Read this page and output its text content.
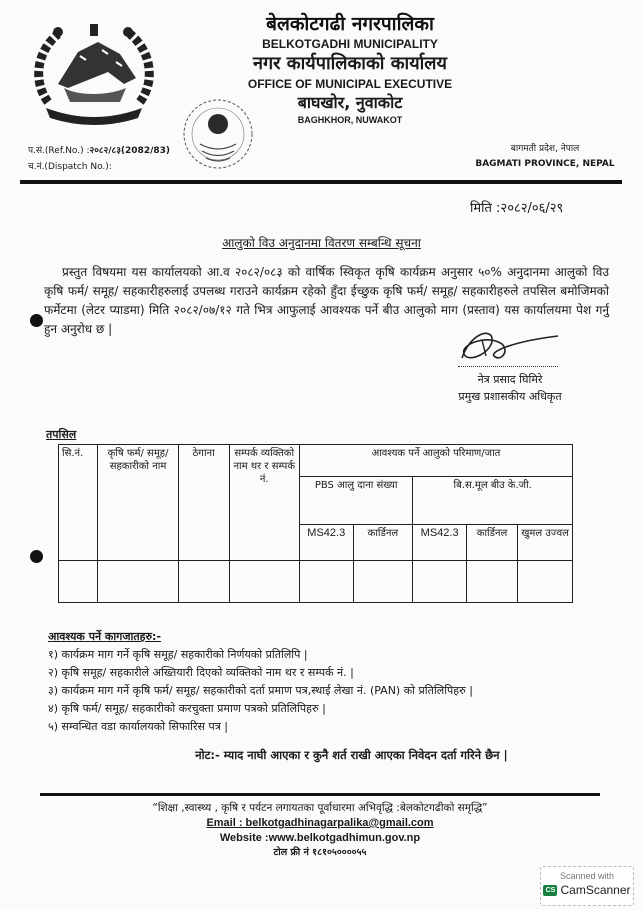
बेलकोटगढी नगरपालिका
BELKOTGADHI MUNICIPALITY
नगर कार्यपालिकाको कार्यालय
OFFICE OF MUNICIPAL EXECUTIVE
बाघखोर, नुवाकोट
BAGHKHOR, NUWAKOT
प.सं.(Ref.No.) :२०८२/८३(2082/83)
च.नं.(Dispatch No.):
बागमती प्रदेश, नेपाल
BAGMATI PROVINCE, NEPAL
मिति :२०८२/०६/२९
आलुको विउ अनुदानमा वितरण सम्बन्धि सूचना
प्रस्तुत विषयमा यस कार्यालयको आ.व २०८२/०८३ को वार्षिक स्विकृत कृषि कार्यक्रम अनुसार ५०% अनुदानमा आलुको विउ कृषि फर्म/ समूह/ सहकारीहरुलाई उपलब्ध गराउने कार्यक्रम रहेको हुँदा ईच्छुक कृषि फर्म/ समूह/ सहकारीहरुले तपसिल बमोजिमको फर्मेटमा (लेटर प्याडमा) मिति २०८२/०७/१२ गते भित्र आफुलाई आवश्यक पर्ने बीउ आलुको माग (प्रस्ताव) यस कार्यालयमा पेश गर्नु हुन अनुरोध छ |
नेत्र प्रसाद घिमिरे
प्रमुख प्रशासकीय अधिकृत
तपसिल
सि.नं.	कृषि फर्म/ समूह/ सहकारीको नाम	ठेगाना	सम्पर्क व्यक्तिको नाम थर र सम्पर्क नं.	आवश्यक पर्ने आलुको परिमाण/जात				
				PBS आलु दाना संख्या		बि.स.मूल बीउ के.जी.		
				MS42.3	कार्डिनल	MS42.3	कार्डिनल	खुमल उज्वल

आवश्यक पर्ने कागजातहरु:-
१) कार्यक्रम माग गर्ने कृषि समूह/ सहकारीको निर्णयको प्रतिलिपि |
२) कृषि समूह/ सहकारीले अख्तियारी दिएको व्यक्तिको नाम थर र सम्पर्क नं. |
३) कार्यक्रम माग गर्ने कृषि फर्म/ समूह/ सहकारीको दर्ता प्रमाण पत्र,स्थाई लेखा नं. (PAN) को प्रतिलिपिहरु |
४) कृषि फर्म/ समूह/ सहकारीको करचुक्ता प्रमाण पत्रको प्रतिलिपिहरु |
५) सम्वन्धित वडा कार्यालयको सिफारिस पत्र |
नोट:- म्याद नाघी आएका र कुनै शर्त राखी आएका निवेदन दर्ता गरिने छैन |
“शिक्षा ,स्वास्थ्य , कृषि र पर्यटन लगायतका पूर्वाधारमा अभिवृद्धि :बेलकोटगढीको समृद्धि”
Email : belkotgadhinagarpalika@gmail.com
Website :www.belkotgadhimun.gov.np
टोल फ्री नं १८१०५००००५५
Scanned with
CS CamScanner
